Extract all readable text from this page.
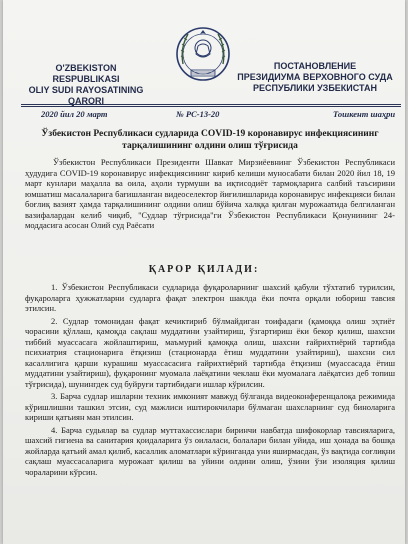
O'ZBEKISTON RESPUBLIKASI
OLIY SUDI RAYOSATINING
QARORI
ПОСТАНОВЛЕНИЕ
ПРЕЗИДИУМА ВЕРХОВНОГО СУДА
РЕСПУБЛИКИ УЗБЕКИСТАН
2020 йил 20 март	№ РС-13-20	Тошкент шаҳри
Ўзбекистон Республикаси судларида COVID-19 коронавирус инфекциясининг тарқалишининг олдини олиш тўғрисида
Ўзбекистон Республикаси Президенти Шавкат Мирзиёевнинг Ўзбекистон Республикаси ҳудудига COVID-19 коронавирус инфекциясининг кириб келиши муносабати билан 2020 йил 18, 19 март кунлари маҳалла ва оила, аҳоли турмуши ва иқтисодиёт тармоқларига салбий таъсирини юмшатиш масалаларига бағишланган видеоселектор йиғилишларида коронавирус инфекцияси билан боғлиқ вазият ҳамда тарқалишининг олдини олиш бўйича халққа қилган мурожаатида белгиланган вазифалардан келиб чиқиб, "Судлар тўғрисида"ги Ўзбекистон Республикаси Қонунининг 24-моддасига асосан Олий суд Раёсати
ҚАРОР ҚИЛАДИ:

1. Ўзбекистон Республикаси судларида фуқароларнинг шахсий қабули тўхтатиб турилсин, фуқароларга ҳужжатларни судларга фақат электрон шаклда ёки почта орқали юбориш тавсия этилсин.

2. Судлар томонидан фақат кечиктириб бўлмайдиган тоифадаги (қамоққа олиш эҳтиёт чорасини қўллаш, қамоқда сақлаш муддатини узайтириш, ўзгартириш ёки бекор қилиш, шахсни тиббий муассасага жойлаштириш, маъмурий қамоққа олиш, шахсни ғайрихтиёрий тартибда психиатрия стационарига ётқизиш (стационарда ётиш муддатини узайтириш), шахсни сил касаллигига қарши курашиш муассасасига ғайрихтиёрий тартибда ётқизиш (муассасада ётиш муддатини узайтириш), фуқаронинг муомала лаёқатини чеклаш ёки муомалага лаёқатсиз деб топиш тўғрисида), шунингдек суд буйруғи тартибидаги ишлар кўрилсин.

3. Барча судлар ишларни техник имконият мавжуд бўлганда видеоконференцалоқа режимида кўришлишни ташкил этсин, суд мажлиси иштирокчилари бўлмаган шахсларнинг суд биноларига кириши қатъиян ман этилсин.

4. Барча судьялар ва судлар муттахассислари биринчи навбатда шифокорлар тавсияларига, шахсий гигиена ва санитария қоидаларига ўз оилаласи, болалари билан уйида, иш ҳонада ва бошқа жойларда қатъий амал қилиб, касаллик аломатлари кўринганда уни яширмасдан, ўз вақтида соғлиқни сақлаш муассасаларига мурожаат қилиш ва уйини олдини олиш, ўзини ўзи изоляция қилиш чораларини кўрсин.
